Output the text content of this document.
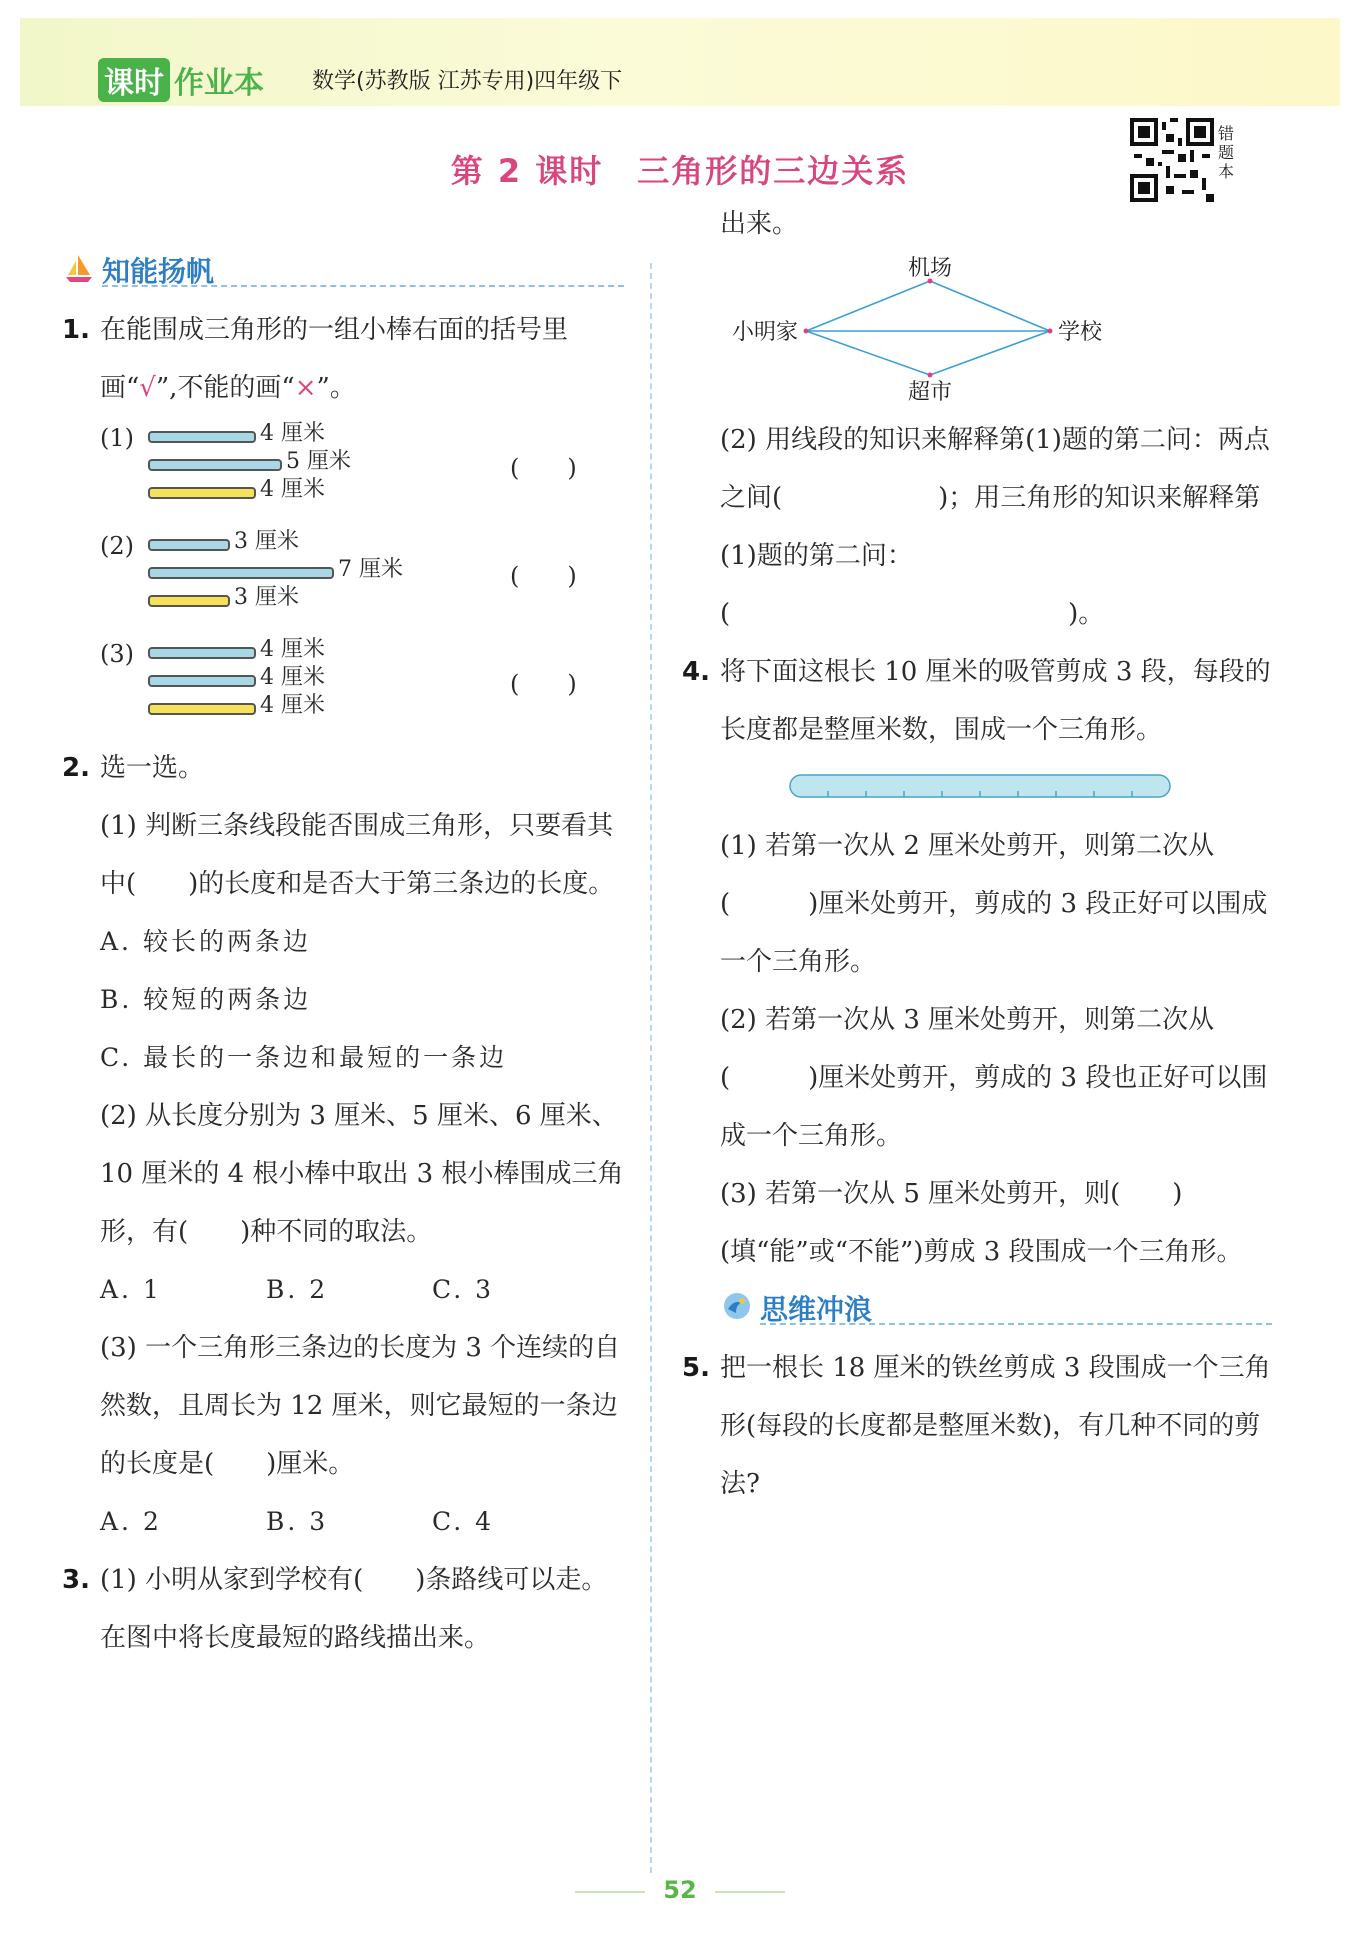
课时 作业本 数学(苏教版 江苏专用)四年级下
第 2 课时　三角形的三边关系
错题本
知能扬帆
1. 在能围成三角形的一组小棒右面的括号里画“√”,不能的画“×”。

(1)	4 厘米
5 厘米
4 厘米
(　　)
(2)	3 厘米
7 厘米
3 厘米
(　　)
(3)	4 厘米
4 厘米
4 厘米
(　　)
2. 选一选。

(1) 判断三条线段能否围成三角形，只要看其中(　　)的长度和是否大于第三条边的长度。

A. 较长的两条边

B. 较短的两条边

C. 最长的一条边和最短的一条边

(2) 从长度分别为 3 厘米、5 厘米、6 厘米、10 厘米的 4 根小棒中取出 3 根小棒围成三角形，有(　　)种不同的取法。

A. 1	B. 2	C. 3

(3) 一个三角形三条边的长度为 3 个连续的自然数，且周长为 12 厘米，则它最短的一条边的长度是(　　)厘米。

A. 2	B. 3	C. 4

3. (1) 小明从家到学校有(　　)条路线可以走。在图中将长度最短的路线描出来。

出来。

机场
小明家	学校
超市

(2) 用线段的知识来解释第(1)题的第二问：两点之间(　　　　　　)；用三角形的知识来解释第(1)题的第二问：(　　　　　　　　　　　　　)。

4. 将下面这根长 10 厘米的吸管剪成 3 段，每段的长度都是整厘米数，围成一个三角形。

(1) 若第一次从 2 厘米处剪开，则第二次从(　　　)厘米处剪开，剪成的 3 段正好可以围成一个三角形。

(2) 若第一次从 3 厘米处剪开，则第二次从(　　　)厘米处剪开，剪成的 3 段也正好可以围成一个三角形。

(3) 若第一次从 5 厘米处剪开，则(　　)(填“能”或“不能”)剪成 3 段围成一个三角形。

思维冲浪
5. 把一根长 18 厘米的铁丝剪成 3 段围成一个三角形(每段的长度都是整厘米数)，有几种不同的剪法?

52
